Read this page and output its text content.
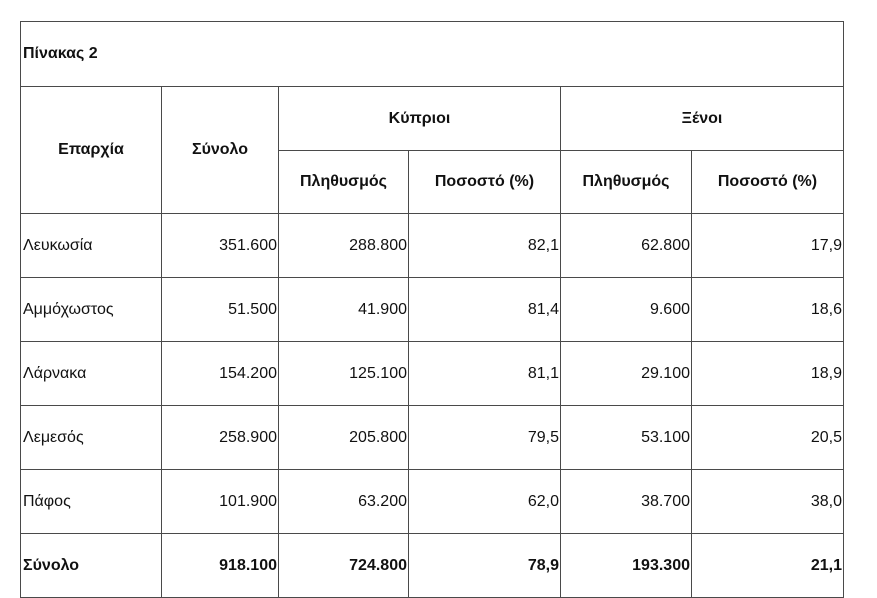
Πίνακας 2					
Επαρχία	Σύνολο	Κύπριοι		Ξένοι	
		Πληθυσμός	Ποσοστό (%)	Πληθυσμός	Ποσοστό (%)
Λευκωσία	351.600	288.800	82,1	62.800	17,9
Αμμόχωστος	51.500	41.900	81,4	9.600	18,6
Λάρνακα	154.200	125.100	81,1	29.100	18,9
Λεμεσός	258.900	205.800	79,5	53.100	20,5
Πάφος	101.900	63.200	62,0	38.700	38,0
Σύνολο	918.100	724.800	78,9	193.300	21,1
